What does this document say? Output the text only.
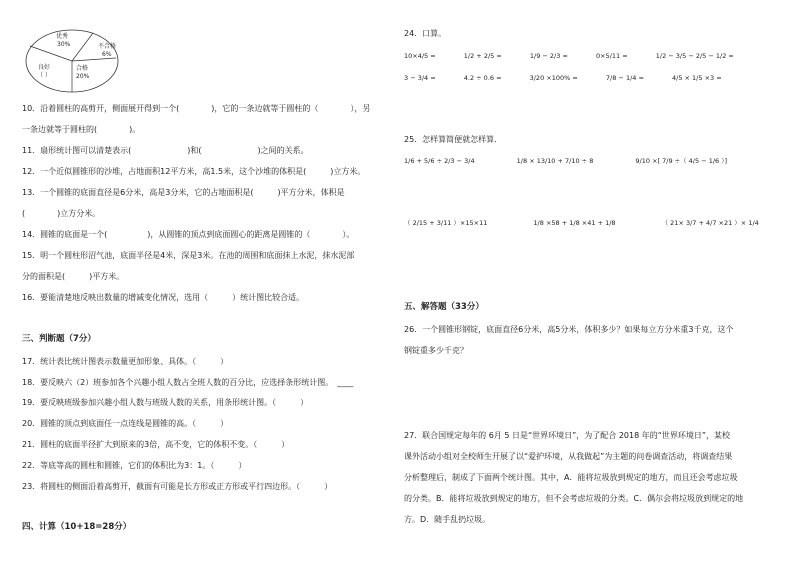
优秀
30%
良好
（ ）
合格
20%
不合格
6%
10．沿着圆柱的高剪开，侧面展开得到一个(　　　　)，它的一条边就等于圆柱的（　　　　），另
一条边就等于圆柱的(　　　　)。
11．扇形统计图可以清楚表示(　　　　　　　)和(　　　　　　　)之间的关系。
12．一个近似圆锥形的沙堆，占地面积12平方米，高1.5米，这个沙堆的体积是(　　　)立方米。
13．一个圆锥的底面直径是6分米，高是3分米，它的占地面积是(　　　)平方分米，体积是
(　　　　)立方分米。
14．圆锥的底面是一个(　　　　　)，从圆锥的顶点到底面圆心的距离是圆锥的（　　　　）。
15．明一个圆柱形沼气池，底面半径是4米，深是3米。在池的周围和底面抹上水泥，抹水泥部
分的面积是(　　　)平方米。
16．要能清楚地反映出数量的增减变化情况，选用（　　　）统计图比较合适。
三、判断题（7分）
17．统计表比统计图表示数量更加形象、具体。（　　　）
18．要反映六（2）班参加各个兴趣小组人数占全班人数的百分比，应选择条形统计图。　____
19．要反映班级参加兴趣小组人数与班级人数的关系，用条形统计图。（　　　）
20．圆锥的顶点到底面任一点连线是圆锥的高。（　　　）
21．圆柱的底面半径扩大到原来的3倍，高不变，它的体积不变。（　　　）
22．等底等高的圆柱和圆锥，它们的体积比为3：1。（　　　）
23．将圆柱的侧面沿着高剪开，截面有可能是长方形或正方形或平行四边形。（　　　）
四、计算（10+18=28分）
24．口算。
10×4/5 =	1/2 + 2/5 =	1/9 − 2/3 =	0×5/11 =	1/2 − 3/5 − 2/5 − 1/2 =
3 − 3/4 =	4.2 ÷ 0.6 =	3/20 ×100% =	7/8 − 1/4 =	4/5 × 1/5 ×3 =
25．怎样算简便就怎样算．
1/6 + 5/6 ÷ 2/3 − 3/4	1/8 × 13/10 + 7/10 ÷ 8	9/10 ×[ 7/9 ÷（ 4/5 − 1/6 ）]
（ 2/15 + 3/11 ）×15×11	1/8 ×58 + 1/8 ×41 + 1/8	（ 21× 3/7 + 4/7 ×21 ）× 1/4
五、解答题（33分）
26．一个圆锥形钢锭，底面直径6分米，高5分米，体积多少？如果每立方分米重3千克，这个
钢锭重多少千克？
27．联合国规定每年的 6月 5 日是“世界环境日”，为了配合 2018 年的“世界环境日”，某校
课外活动小组对全校师生开展了以“爱护环境，从我做起”为主题的问卷调查活动，将调查结果
分析整理后，制成了下面两个统计图。其中，A．能将垃圾放到规定的地方，而且还会考虑垃圾
的分类。B．能将垃圾放到规定的地方，但不会考虑垃圾的分类。C．偶尔会将垃圾放到规定的地
方。D．随手乱扔垃圾。
